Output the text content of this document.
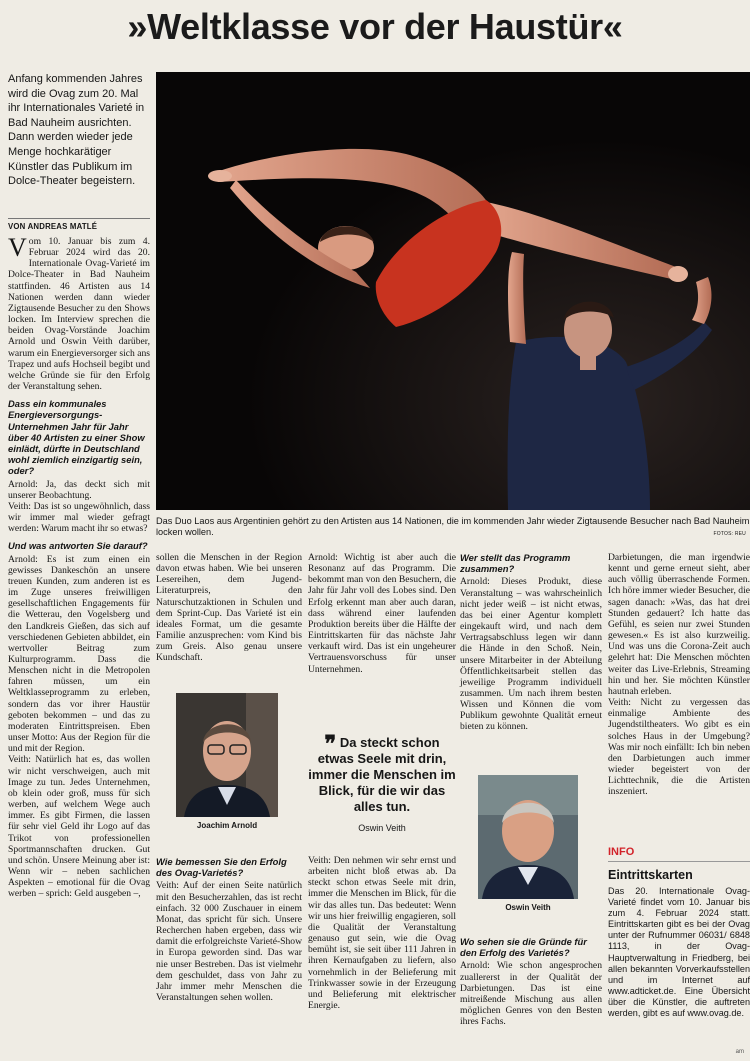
»Weltklasse vor der Haustür«
Anfang kommenden Jahres wird die Ovag zum 20. Mal ihr Internationales Varieté in Bad Nauheim ausrichten. Dann werden wieder jede Menge hochkarätiger Künstler das Publikum im Dolce-Theater begeistern.
VON ANDREAS MATLÉ
Das Duo Laos aus Argentinien gehört zu den Artisten aus 14 Nationen, die im kommenden Jahr wieder Zigtausende Besucher nach Bad Nauheim locken wollen.	FOTOS: REU

Vom 10. Januar bis zum 4. Februar 2024 wird das 20. Internationale Ovag-Varieté im Dolce-Theater in Bad Nauheim stattfinden. 46 Artisten aus 14 Nationen werden dann wieder Zigtausende Besucher zu den Shows locken. Im Interview sprechen die beiden Ovag-Vorstände Joachim Arnold und Oswin Veith darüber, warum ein Energieversorger sich ans Trapez und aufs Hochseil begibt und welche Gründe sie für den Erfolg der Veranstaltung sehen.

Dass ein kommunales Energieversorgungs-Unternehmen Jahr für Jahr über 40 Artisten zu einer Show einlädt, dürfte in Deutschland wohl ziemlich einzigartig sein, oder?

Arnold: Ja, das deckt sich mit unserer Beobachtung.

Veith: Das ist so ungewöhnlich, dass wir immer mal wieder gefragt werden: Warum macht ihr so etwas?

Und was antworten Sie darauf?

Arnold: Es ist zum einen ein gewisses Dankeschön an unsere treuen Kunden, zum anderen ist es im Zuge unseres freiwilligen gesellschaftlichen Engagements für die Wetterau, den Vogelsberg und den Landkreis Gießen, das sich auf verschiedenen Gebieten abbildet, ein wertvoller Beitrag zum Kulturprogramm. Dass die Menschen nicht in die Metropolen fahren müssen, um ein Weltklasseprogramm zu erleben, sondern das vor ihrer Haustür geboten bekommen – und das zu moderaten Eintrittspreisen. Eben unser Motto: Aus der Region für die und mit der Region.

Veith: Natürlich hat es, das wollen wir nicht verschweigen, auch mit Image zu tun. Jedes Unternehmen, ob klein oder groß, muss für sich werben, auf welchem Wege auch immer. Es gibt Firmen, die lassen für sehr viel Geld ihr Logo auf das Trikot von professionellen Sportmannschaften drucken. Gut und schön. Unsere Meinung aber ist: Wenn wir – neben sachlichen Aspekten – emotional für die Ovag werben – sprich: Geld ausgeben –,

sollen die Menschen in der Region davon etwas haben. Wie bei unseren Lesereihen, dem Jugend-Literaturpreis, den Naturschutzaktionen in Schulen und dem Sprint-Cup. Das Varieté ist ein ideales Format, um die gesamte Familie anzusprechen: vom Kind bis zum Greis. Also genau unsere Kundschaft.

Joachim Arnold

Wie bemessen Sie den Erfolg des Ovag-Varietés?

Veith: Auf der einen Seite natürlich mit den Besucherzahlen, das ist recht einfach. 32 000 Zuschauer in einem Monat, das spricht für sich. Unsere Recherchen haben ergeben, dass wir damit die erfolgreichste Varieté-Show in Europa geworden sind. Das war nie unser Bestreben. Das ist vielmehr dem geschuldet, dass von Jahr zu Jahr immer mehr Menschen die Veranstaltungen sehen wollen.

Arnold: Wichtig ist aber auch die Resonanz auf das Programm. Die bekommt man von den Besuchern, die Jahr für Jahr voll des Lobes sind. Den Erfolg erkennt man aber auch daran, dass während einer laufenden Produktion bereits über die Hälfte der Eintrittskarten für das nächste Jahr verkauft wird. Das ist ein ungeheurer Vertrauensvorschuss für unser Unternehmen.

❞ Da steckt schon etwas Seele mit drin, immer die Menschen im Blick, für die wir das alles tun.
Oswin Veith

Veith: Den nehmen wir sehr ernst und arbeiten nicht bloß etwas ab. Da steckt schon etwas Seele mit drin, immer die Menschen im Blick, für die wir das alles tun. Das bedeutet: Wenn wir uns hier freiwillig engagieren, soll die Qualität der Veranstaltung genauso gut sein, wie die Ovag bemüht ist, sie seit über 111 Jahren in ihren Kernaufgaben zu liefern, also vornehmlich in der Belieferung mit Trinkwasser sowie in der Erzeugung und Belieferung mit elektrischer Energie.

Wer stellt das Programm zusammen?

Arnold: Dieses Produkt, diese Veranstaltung – was wahrscheinlich nicht jeder weiß – ist nicht etwas, das bei einer Agentur komplett eingekauft wird, und nach dem Vertragsabschluss legen wir dann die Hände in den Schoß. Nein, unsere Mitarbeiter in der Abteilung Öffentlichkeitsarbeit stellen das jeweilige Programm individuell zusammen. Um nach ihrem besten Wissen und Können die vom Publikum gewohnte Qualität erneut bieten zu können.

Oswin Veith

Wo sehen sie die Gründe für den Erfolg des Varietés?

Arnold: Wie schon angesprochen zuallererst in der Qualität der Darbietungen. Das ist eine mitreißende Mischung aus allen möglichen Genres von den Besten ihres Fachs.

Darbietungen, die man irgendwie kennt und gerne erneut sieht, aber auch völlig überraschende Formen. Ich höre immer wieder Besucher, die sagen danach: »Was, das hat drei Stunden gedauert? Ich hatte das Gefühl, es seien nur zwei Stunden gewesen.« Es ist also kurzweilig. Und was uns die Corona-Zeit auch gelehrt hat: Die Menschen möchten weiter das Live-Erlebnis, Streaming hin und her. Sie möchten Künstler hautnah erleben.

Veith: Nicht zu vergessen das einmalige Ambiente des Jugendstiltheaters. Wo gibt es ein solches Haus in der Umgebung? Was mir noch einfällt: Ich bin neben den Darbietungen auch immer wieder begeistert von der Lichttechnik, die die Artisten inszeniert.

INFO
Eintrittskarten
Das 20. Internationale Ovag-Varieté findet vom 10. Januar bis zum 4. Februar 2024 statt. Eintrittskarten gibt es bei der Ovag unter der Rufnummer 06031/ 6848 1113, in der Ovag-Hauptverwaltung in Friedberg, bei allen bekannten Vorverkaufsstellen und im Internet auf www.adticket.de. Eine Übersicht über die Künstler, die auftreten werden, gibt es auf www.ovag.de.
am
